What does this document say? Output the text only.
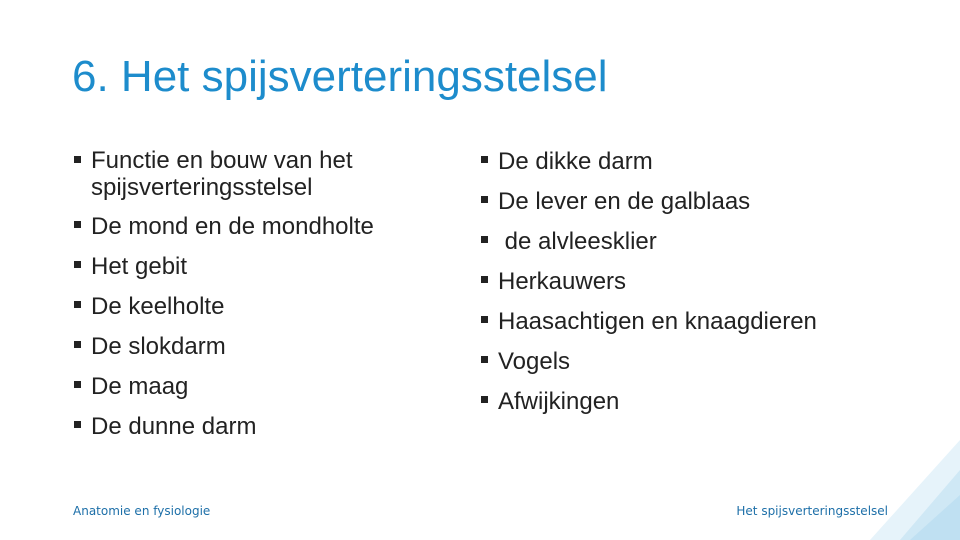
6. Het spijsverteringsstelsel
Functie en bouw van het spijsverteringsstelsel
De mond en de mondholte
Het gebit
De keelholte
De slokdarm
De maag
De dunne darm
De dikke darm
De lever en de galblaas
de alvleesklier
Herkauwers
Haasachtigen en knaagdieren
Vogels
Afwijkingen
Anatomie en fysiologie	Het spijsverteringsstelsel
